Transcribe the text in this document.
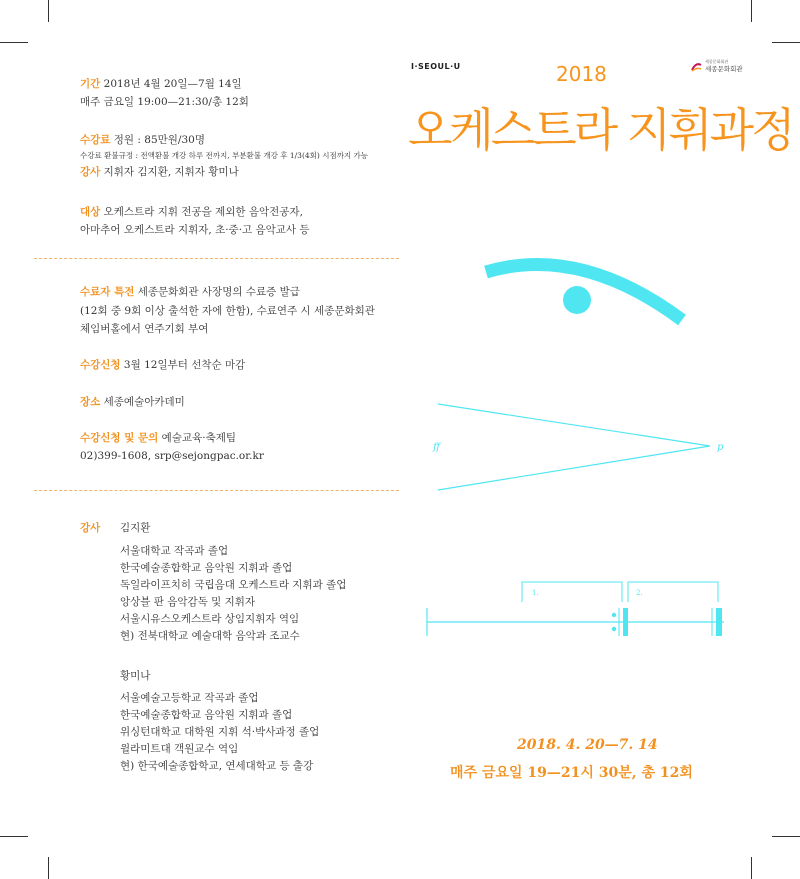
기간 2018년 4월 20일—7월 14일
매주 금요일 19:00—21:30/총 12회
수강료 정원 : 85만원/30명
수강료 환불규정 : 전액환불 개강 하루 전까지, 부분환불 개강 후 1/3(4회) 시점까지 가능
강사 지휘자 김지환, 지휘자 황미나
대상 오케스트라 지휘 전공을 제외한 음악전공자,
아마추어 오케스트라 지휘자, 초·중·고 음악교사 등
수료자 특전 세종문화회관 사장명의 수료증 발급
(12회 중 9회 이상 출석한 자에 한함), 수료연주 시 세종문화회관
체임버홀에서 연주기회 부여
수강신청 3월 12일부터 선착순 마감
장소 세종예술아카데미
수강신청 및 문의 예술교육·축제팀
02)399-1608, srp@sejongpac.or.kr
강사 김지환
서울대학교 작곡과 졸업
한국예술종합학교 음악원 지휘과 졸업
독일라이프치히 국립음대 오케스트라 지휘과 졸업
앙상블 판 음악감독 및 지휘자
서울시유스오케스트라 상임지휘자 역임
현) 전북대학교 예술대학 음악과 조교수
황미나
서울예술고등학교 작곡과 졸업
한국예술종합학교 음악원 지휘과 졸업
위싱턴대학교 대학원 지휘 석·박사과정 졸업
윌라미트대 객원교수 역임
현) 한국예술종합학교, 연세대학교 등 출강
I·SEOUL·U
세종문화회관
세종문화회관
2018
오케스트라 지휘과정
ff	p
1.	2.
2018. 4. 20—7. 14
매주 금요일 19—21시 30분, 총 12회
